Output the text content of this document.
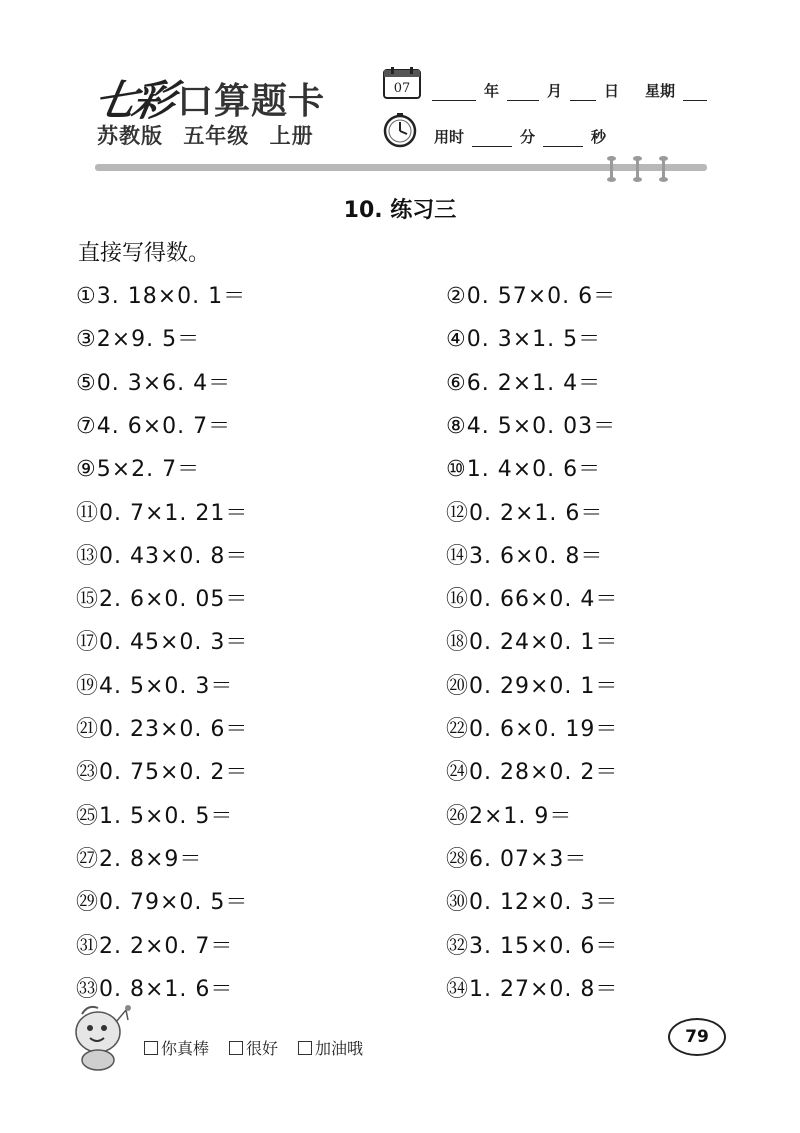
七彩 口算题卡
苏教版 五年级 上册
07	年	月	日 星期
用时	分	秒
10. 练习三
直接写得数。
①3. 18×0. 1＝	②0. 57×0. 6＝
③2×9. 5＝	④0. 3×1. 5＝
⑤0. 3×6. 4＝	⑥6. 2×1. 4＝
⑦4. 6×0. 7＝	⑧4. 5×0. 03＝
⑨5×2. 7＝	⑩1. 4×0. 6＝
⑪0. 7×1. 21＝	⑫0. 2×1. 6＝
⑬0. 43×0. 8＝	⑭3. 6×0. 8＝
⑮2. 6×0. 05＝	⑯0. 66×0. 4＝
⑰0. 45×0. 3＝	⑱0. 24×0. 1＝
⑲4. 5×0. 3＝	⑳0. 29×0. 1＝
㉑0. 23×0. 6＝	㉒0. 6×0. 19＝
㉓0. 75×0. 2＝	㉔0. 28×0. 2＝
㉕1. 5×0. 5＝	㉖2×1. 9＝
㉗2. 8×9＝	㉘6. 07×3＝
㉙0. 79×0. 5＝	㉚0. 12×0. 3＝
㉛2. 2×0. 7＝	㉜3. 15×0. 6＝
㉝0. 8×1. 6＝	㉞1. 27×0. 8＝
你真棒 很好 加油哦
79
